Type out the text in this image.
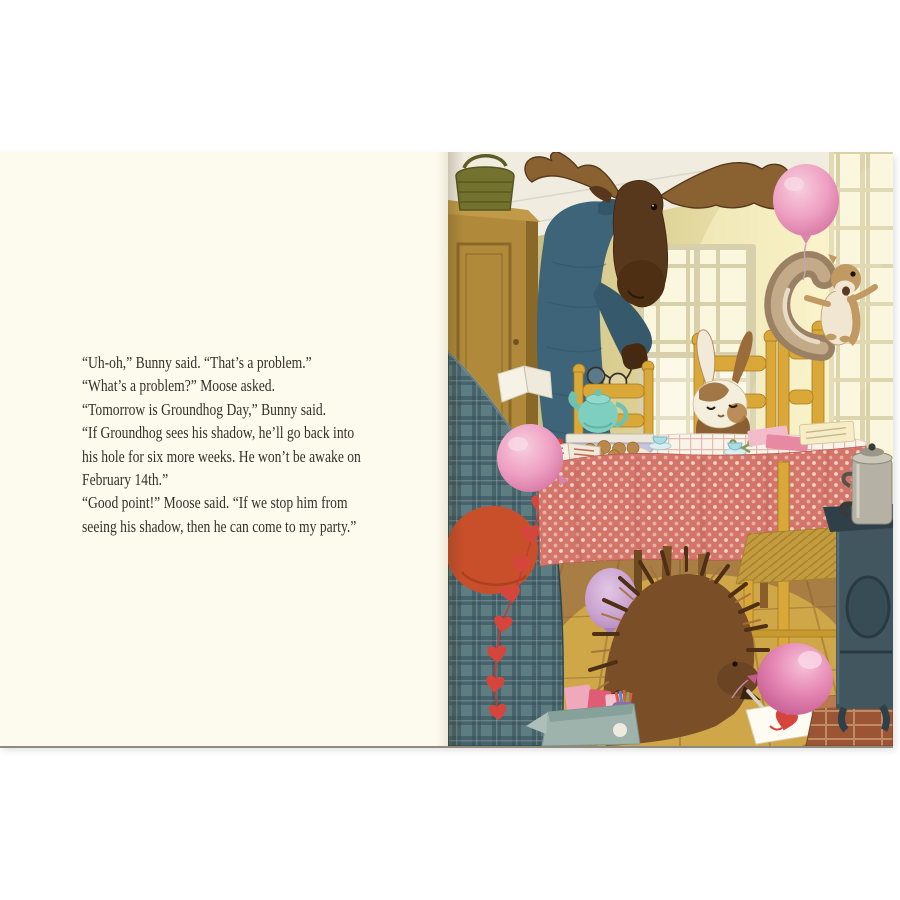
“Uh-oh,” Bunny said. “That’s a problem.”
“What’s a problem?” Moose asked.
“Tomorrow is Groundhog Day,” Bunny said.
“If Groundhog sees his shadow, he’ll go back into
his hole for six more weeks. He won’t be awake on
February 14th.”
“Good point!” Moose said. “If we stop him from
seeing his shadow, then he can come to my party.”
